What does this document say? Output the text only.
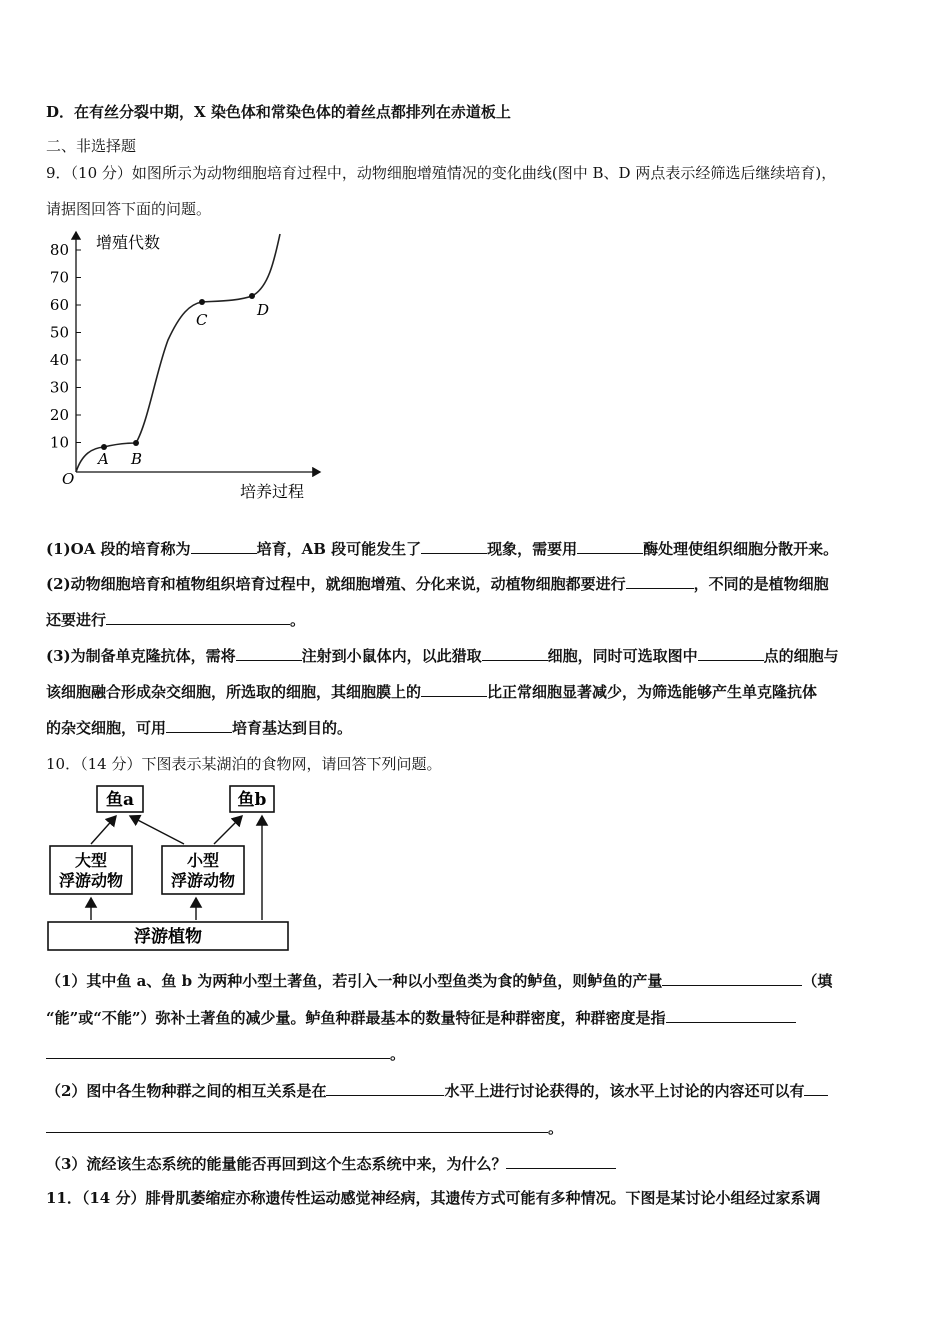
D．在有丝分裂中期，X 染色体和常染色体的着丝点都排列在赤道板上
二、非选择题
9．（10 分）如图所示为动物细胞培育过程中，动物细胞增殖情况的变化曲线(图中 B、D 两点表示经筛选后继续培育)，
请据图回答下面的问题。
80
70
60
50
40
30
20
10
O
增殖代数
培养过程
A B
C
D
(1)OA 段的培育称为	培育，AB 段可能发生了	现象，需要用	酶处理使组织细胞分散开来。
(2)动物细胞培育和植物组织培育过程中，就细胞增殖、分化来说，动植物细胞都要进行	，不同的是植物细胞
还要进行	。
(3)为制备单克隆抗体，需将	注射到小鼠体内，以此猎取	细胞，同时可选取图中	点的细胞与
该细胞融合形成杂交细胞，所选取的细胞，其细胞膜上的	比正常细胞显著减少，为筛选能够产生单克隆抗体
的杂交细胞，可用	培育基达到目的。
10．（14 分）下图表示某湖泊的食物网，请回答下列问题。
鱼a	鱼b
大型
浮游动物
小型
浮游动物
浮游植物
（1）其中鱼 a、鱼 b 为两种小型土著鱼，若引入一种以小型鱼类为食的鲈鱼，则鲈鱼的产量	（填
“能”或“不能”）弥补土著鱼的减少量。鲈鱼种群最基本的数量特征是种群密度，种群密度是指
。
（2）图中各生物种群之间的相互关系是在	水平上进行讨论获得的，该水平上讨论的内容还可以有
。
（3）流经该生态系统的能量能否再回到这个生态系统中来，为什么？
11．（14 分）腓骨肌萎缩症亦称遗传性运动感觉神经病，其遗传方式可能有多种情况。下图是某讨论小组经过家系调
